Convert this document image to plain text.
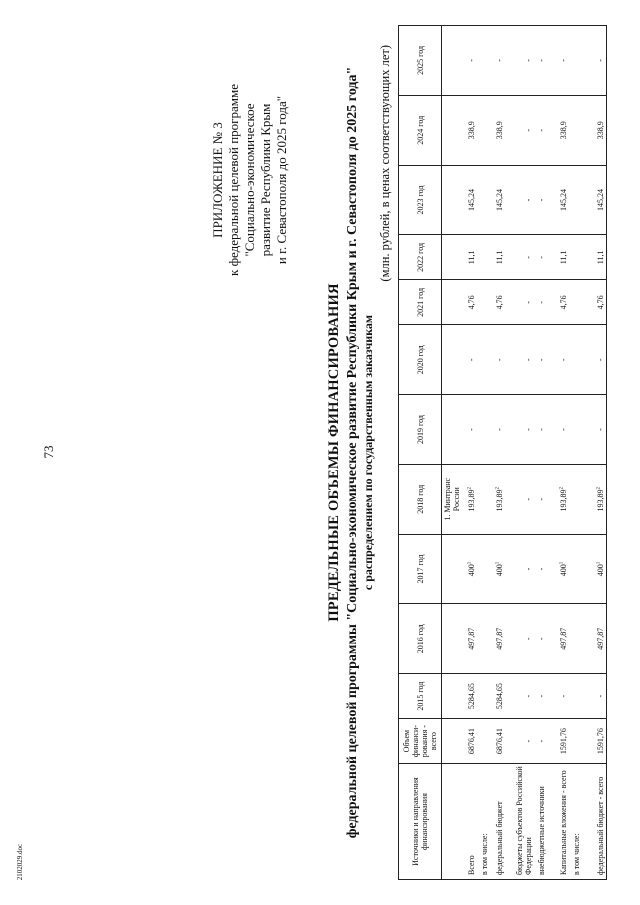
73
ПРИЛОЖЕНИЕ № 3 к федеральной целевой программе "Социально-экономическое развитие Республики Крым и г. Севастополя до 2025 года"
ПРЕДЕЛЬНЫЕ ОБЪЕМЫ ФИНАНСИРОВАНИЯ федеральной целевой программы "Социально-экономическое развитие Республики Крым и г. Севастополя до 2025 года" с распределением по государственным заказчикам
(млн. рублей, в ценах соответствующих лет)
Источники и направления финансирования	Объем финанси-рования - всего	2015 год	2016 год	2017 год	2018 год	2019 год	2020 год	2021 год	2022 год	2023 год	2024 год	2025 год
					1. Минтранс России							
Всего	6876,41	5284,65	497,87	$400^1$	193,89$^2$	-	-	4,76	11,1	145,24	338,9	-
в том числе:												
федеральный бюджет	6876,41	5284,65	497,87	$400^1$	193,89$^2$	-	-	4,76	11,1	145,24	338,9	-
бюджеты субъектов Российской Федерации	-	-	-	-	-	-	-	-	-	-	-	-
внебюджетные источники	-	-	-	-	-	-	-	-	-	-	-	-
Капитальные вложения - всего	1591,76	-	497,87	$400^1$	193,89$^2$	-	-	4,76	11,1	145,24	338,9	-
в том числе:												
федеральный бюджет - всего	1591,76	-	497,87	$400^1$	193,89$^2$	-	-	4,76	11,1	145,24	338,9	-
2102029.doc
